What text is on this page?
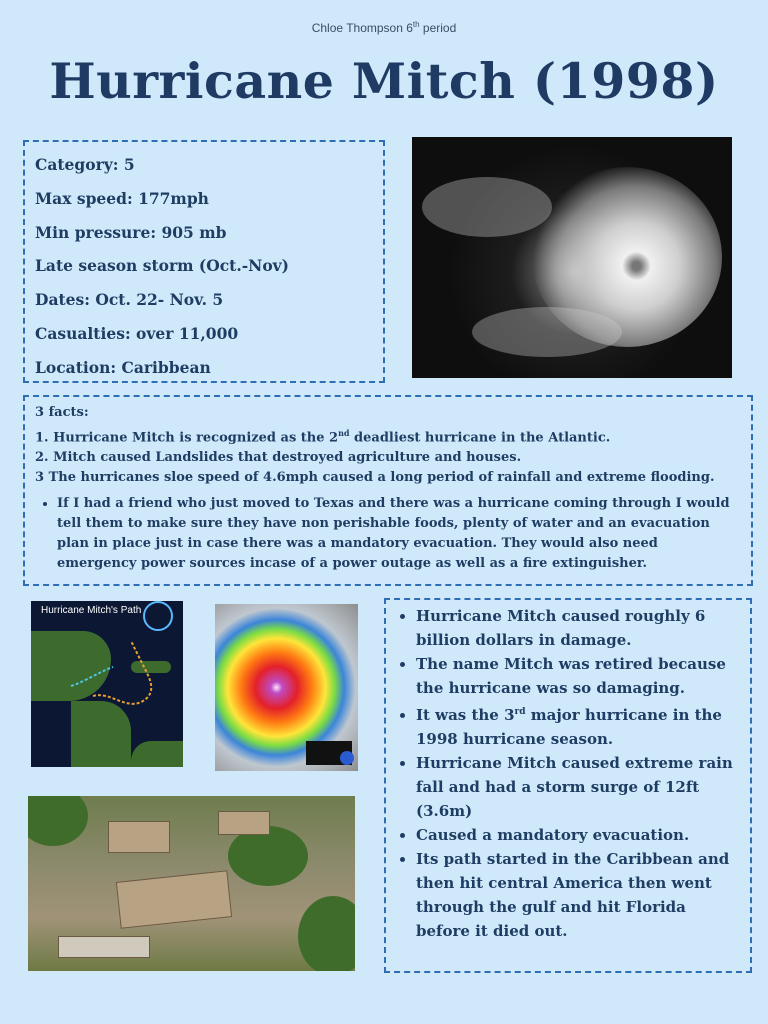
Chloe Thompson 6th period
Hurricane Mitch (1998)
Category: 5
Max speed: 177mph
Min pressure: 905 mb
Late season storm (Oct.-Nov)
Dates: Oct. 22- Nov. 5
Casualties: over 11,000
Location: Caribbean
3 facts:
1. Hurricane Mitch is recognized as the 2nd deadliest hurricane in the Atlantic.
2. Mitch caused Landslides that destroyed agriculture and houses.
3 The hurricanes sloe speed of 4.6mph caused a long period of rainfall and extreme flooding.
• If I had a friend who just moved to Texas and there was a hurricane coming through I would tell them to make sure they have non perishable foods, plenty of water and an evacuation plan in place just in case there was a mandatory evacuation. They would also need emergency power sources incase of a power outage as well as a fire extinguisher.
Hurricane Mitch's Path
•	Hurricane Mitch caused roughly 6 billion dollars in damage.
• The name Mitch was retired because the hurricane was so damaging.
• It was the 3rd major hurricane in the 1998 hurricane season.
• Hurricane Mitch caused extreme rain fall and had a storm surge of 12ft (3.6m)
• Caused a mandatory evacuation.
• Its path started in the Caribbean and then hit central America then went through the gulf and hit Florida before it died out.
